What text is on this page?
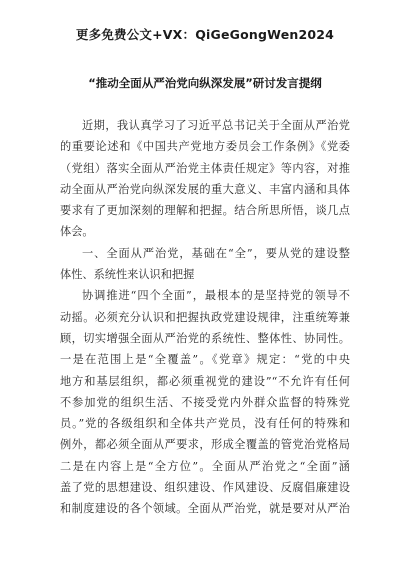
更多免费公文+VX：QiGeGongWen2024
“推动全面从严治党向纵深发展”研讨发言提纲
近期，我认真学习了习近平总书记关于全面从严治党
的重要论述和《中国共产党地方委员会工作条例》《党委
（党组）落实全面从严治党主体责任规定》等内容，对推
动全面从严治党向纵深发展的重大意义、丰富内涵和具体
要求有了更加深刻的理解和把握。结合所思所悟，谈几点
体会。
一、全面从严治党，基础在“全”，要从党的建设整
体性、系统性来认识和把握
协调推进“四个全面”，最根本的是坚持党的领导不
动摇。必须充分认识和把握执政党建设规律，注重统筹兼
顾，切实增强全面从严治党的系统性、整体性、协同性。
一是在范围上是“全覆盖”。《党章》规定：“党的中央
地方和基层组织，都必须重视党的建设”“不允许有任何
不参加党的组织生活、不接受党内外群众监督的特殊党
员。”党的各级组织和全体共产党员，没有任何的特殊和
例外，都必须全面从严要求，形成全覆盖的管党治党格局
二是在内容上是“全方位”。全面从严治党之“全面”涵
盖了党的思想建设、组织建设、作风建设、反腐倡廉建设
和制度建设的各个领域。全面从严治党，就是要对从严治
